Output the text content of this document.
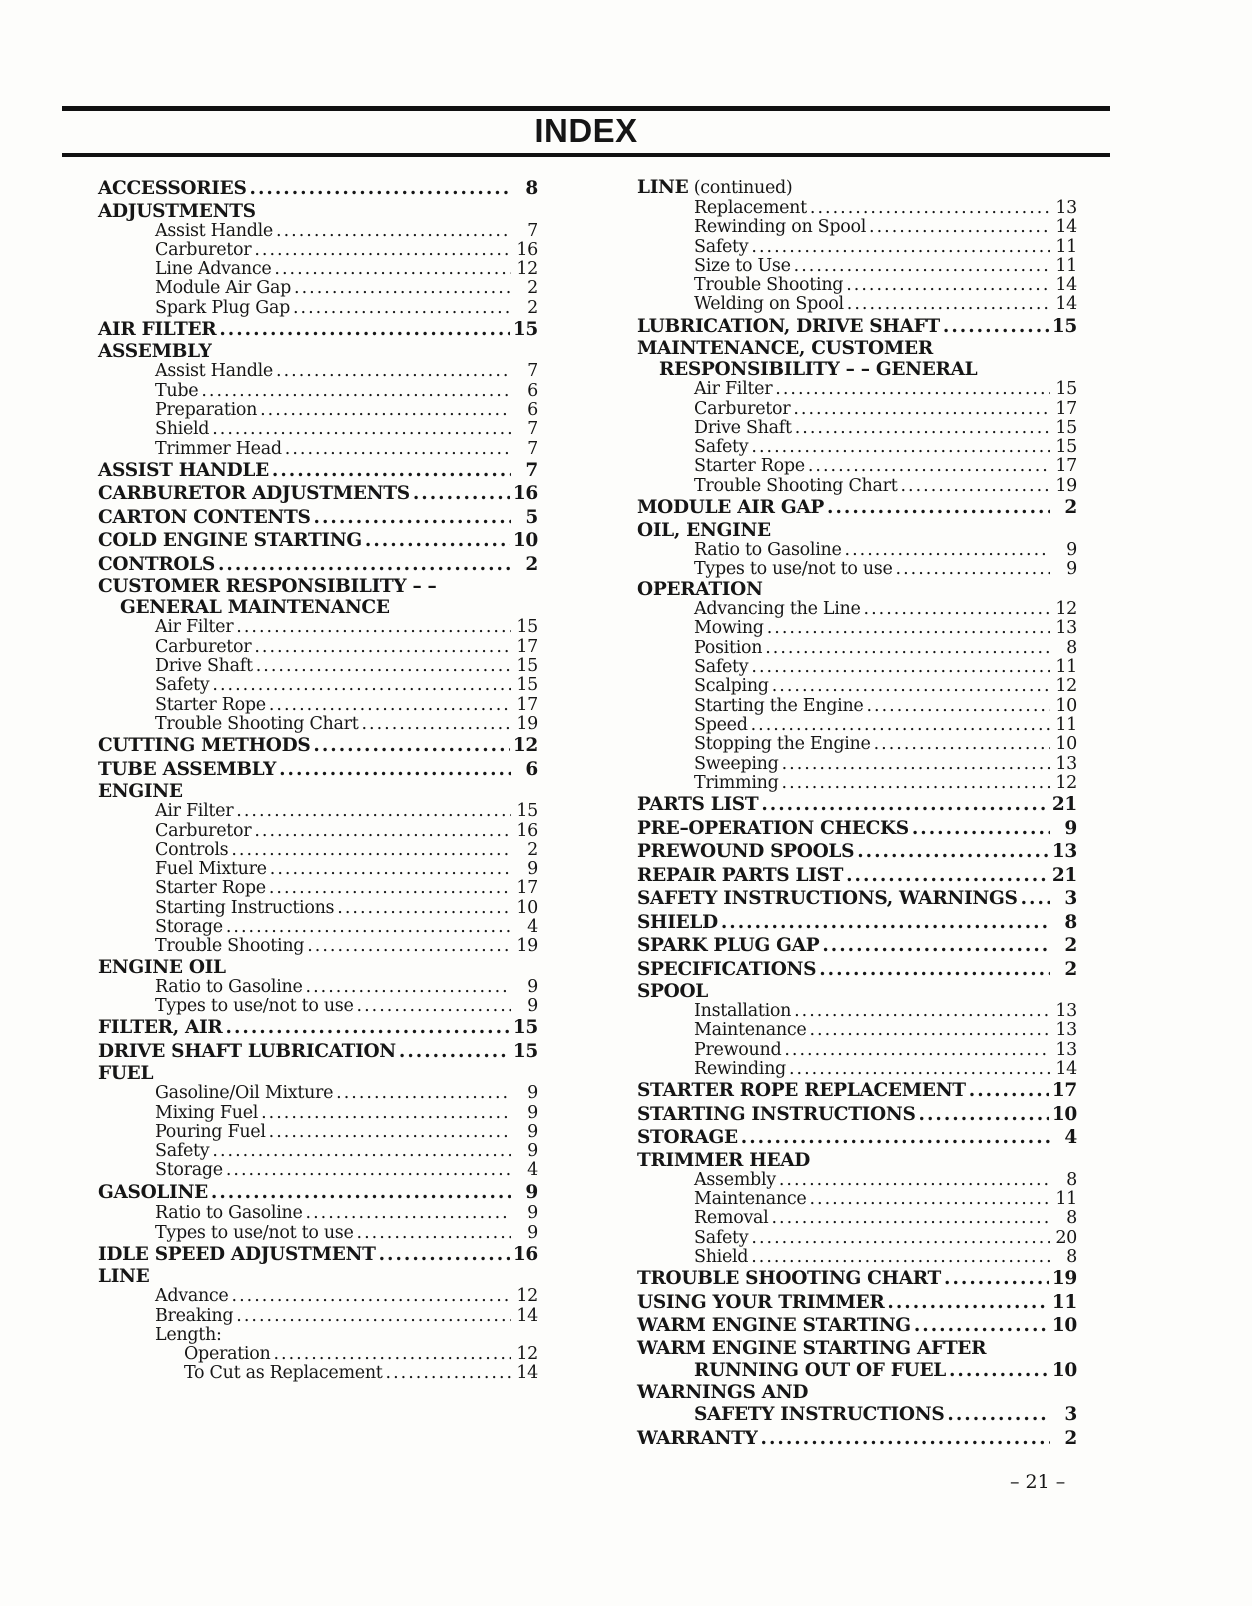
INDEX
ACCESSORIES .....	8
ADJUSTMENTS
Assist Handle .....	7
Carburetor .....	16
Line Advance .....	12
Module Air Gap .....	2
Spark Plug Gap .....	2
AIR FILTER .....	15
ASSEMBLY
Assist Handle .....	7
Tube .....	6
Preparation .....	6
Shield .....	7
Trimmer Head .....	7
ASSIST HANDLE .....	7
CARBURETOR ADJUSTMENTS .....	16
CARTON CONTENTS .....	5
COLD ENGINE STARTING .....	10
CONTROLS .....	2
CUSTOMER RESPONSIBILITY – –
GENERAL MAINTENANCE
Air Filter .....	15
Carburetor .....	17
Drive Shaft .....	15
Safety .....	15
Starter Rope .....	17
Trouble Shooting Chart .....	19
CUTTING METHODS .....	12
TUBE ASSEMBLY .....	6
ENGINE
Air Filter .....	15
Carburetor .....	16
Controls .....	2
Fuel Mixture .....	9
Starter Rope .....	17
Starting Instructions .....	10
Storage .....	4
Trouble Shooting .....	19
ENGINE OIL
Ratio to Gasoline .....	9
Types to use/not to use .....	9
FILTER, AIR .....	15
DRIVE SHAFT LUBRICATION .....	15
FUEL
Gasoline/Oil Mixture .....	9
Mixing Fuel .....	9
Pouring Fuel .....	9
Safety .....	9
Storage .....	4
GASOLINE .....	9
Ratio to Gasoline .....	9
Types to use/not to use .....	9
IDLE SPEED ADJUSTMENT .....	16
LINE
Advance .....	12
Breaking .....	14
Length:
Operation .....	12
To Cut as Replacement .....	14
LINE (continued)
Replacement .....	13
Rewinding on Spool .....	14
Safety .....	11
Size to Use .....	11
Trouble Shooting .....	14
Welding on Spool .....	14
LUBRICATION, DRIVE SHAFT .....	15
MAINTENANCE, CUSTOMER
RESPONSIBILITY – – GENERAL
Air Filter .....	15
Carburetor .....	17
Drive Shaft .....	15
Safety .....	15
Starter Rope .....	17
Trouble Shooting Chart .....	19
MODULE AIR GAP .....	2
OIL, ENGINE
Ratio to Gasoline .....	9
Types to use/not to use .....	9
OPERATION
Advancing the Line .....	12
Mowing .....	13
Position .....	8
Safety .....	11
Scalping .....	12
Starting the Engine .....	10
Speed .....	11
Stopping the Engine .....	10
Sweeping .....	13
Trimming .....	12
PARTS LIST .....	21
PRE–OPERATION CHECKS .....	9
PREWOUND SPOOLS .....	13
REPAIR PARTS LIST .....	21
SAFETY INSTRUCTIONS, WARNINGS .....	3
SHIELD .....	8
SPARK PLUG GAP .....	2
SPECIFICATIONS .....	2
SPOOL
Installation .....	13
Maintenance .....	13
Prewound .....	13
Rewinding .....	14
STARTER ROPE REPLACEMENT .....	17
STARTING INSTRUCTIONS .....	10
STORAGE .....	4
TRIMMER HEAD
Assembly .....	8
Maintenance .....	11
Removal .....	8
Safety .....	20
Shield .....	8
TROUBLE SHOOTING CHART .....	19
USING YOUR TRIMMER .....	11
WARM ENGINE STARTING .....	10
WARM ENGINE STARTING AFTER
RUNNING OUT OF FUEL .....	10
WARNINGS AND
SAFETY INSTRUCTIONS .....	3
WARRANTY .....	2
– 21 –
